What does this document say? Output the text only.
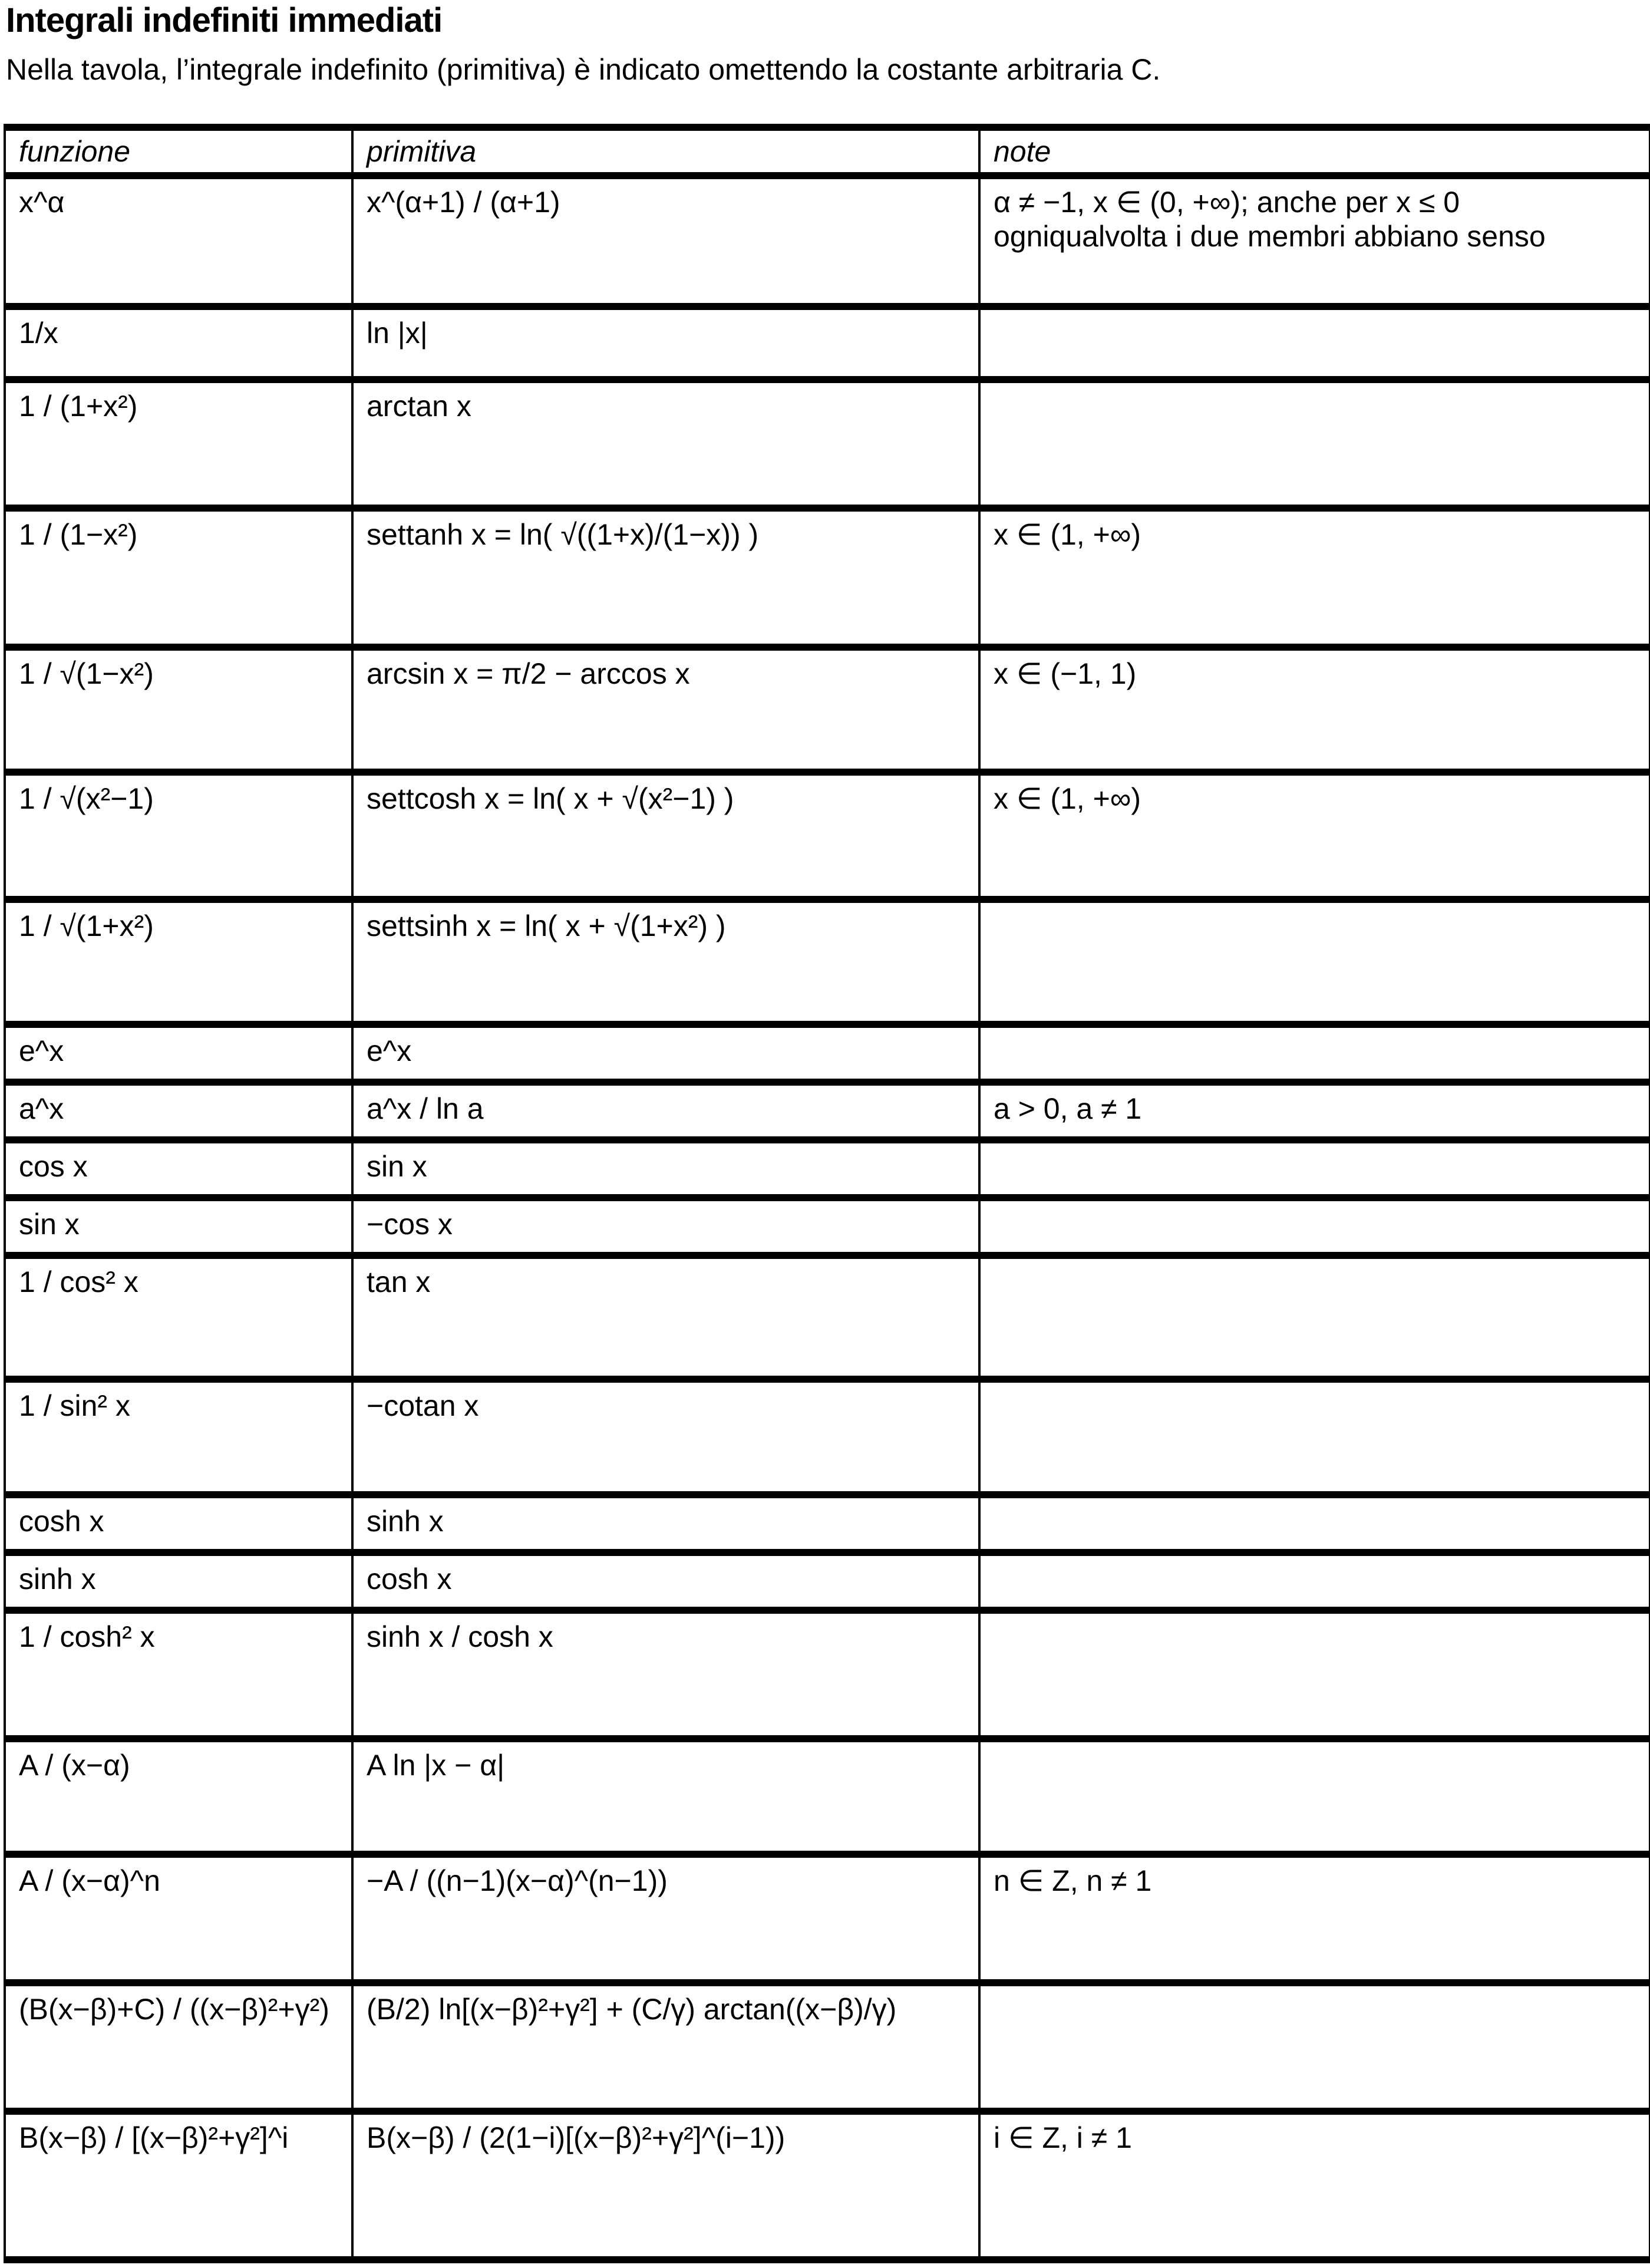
Integrali indefiniti immediati
Nella tavola, l’integrale indefinito (primitiva) è indicato omettendo la costante arbitraria C.
funzione	primitiva	note
x^α	x^(α+1) / (α+1)	α ≠ −1, x ∈ (0, +∞); anche per x ≤ 0 ogniqualvolta i due membri abbiano senso
1/x	ln |x|	
1 / (1+x²)	arctan x	
1 / (1−x²)	settanh x = ln( √((1+x)/(1−x)) )	x ∈ (1, +∞)
1 / √(1−x²)	arcsin x = π/2 − arccos x	x ∈ (−1, 1)
1 / √(x²−1)	settcosh x = ln( x + √(x²−1) )	x ∈ (1, +∞)
1 / √(1+x²)	settsinh x = ln( x + √(1+x²) )	
e^x	e^x	
a^x	a^x / ln a	a > 0, a ≠ 1
cos x	sin x	
sin x	−cos x	
1 / cos² x	tan x	
1 / sin² x	−cotan x	
cosh x	sinh x	
sinh x	cosh x	
1 / cosh² x	sinh x / cosh x	
A / (x−α)	A ln |x − α|	
A / (x−α)^n	−A / ((n−1)(x−α)^(n−1))	n ∈ Z, n ≠ 1
(B(x−β)+C) / ((x−β)²+γ²)	(B/2) ln[(x−β)²+γ²] + (C/γ) arctan((x−β)/γ)	
B(x−β) / [(x−β)²+γ²]^i	B(x−β) / (2(1−i)[(x−β)²+γ²]^(i−1))	i ∈ Z, i ≠ 1
